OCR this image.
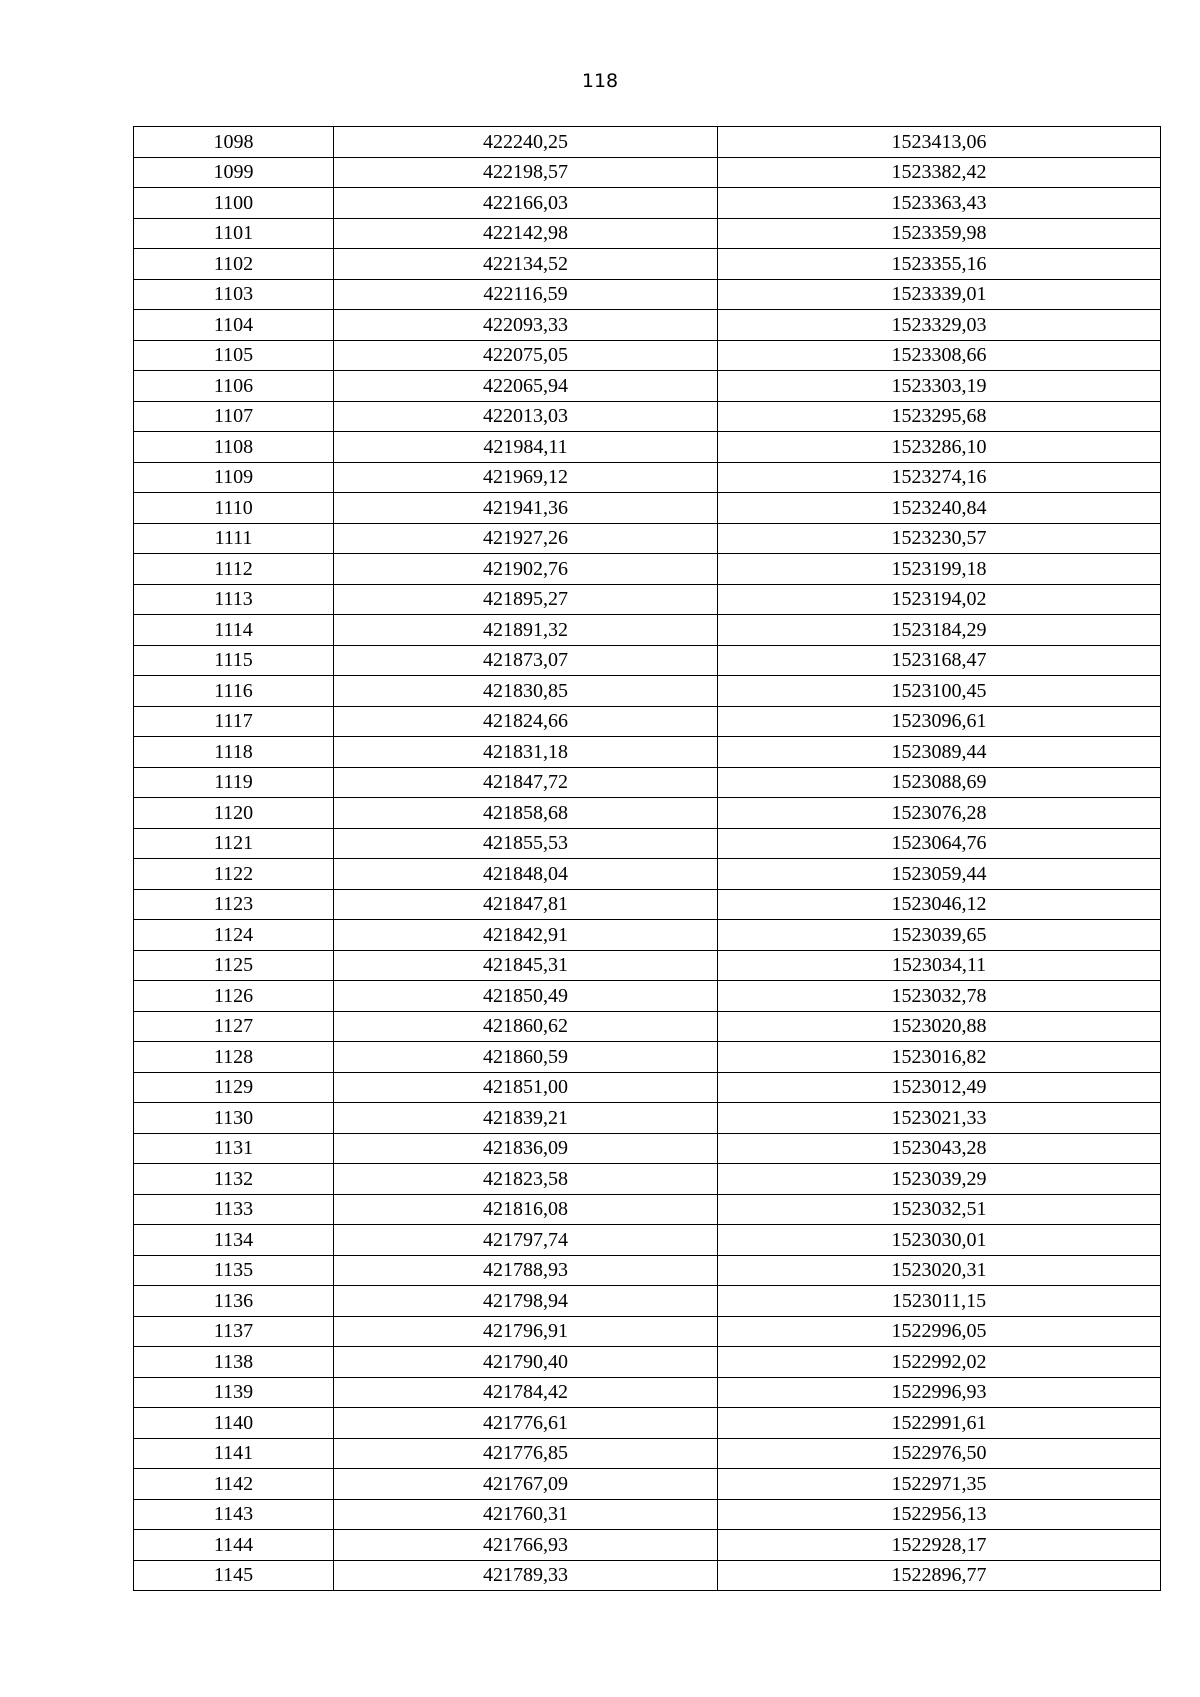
118
1098	422240,25	1523413,06
1099	422198,57	1523382,42
1100	422166,03	1523363,43
1101	422142,98	1523359,98
1102	422134,52	1523355,16
1103	422116,59	1523339,01
1104	422093,33	1523329,03
1105	422075,05	1523308,66
1106	422065,94	1523303,19
1107	422013,03	1523295,68
1108	421984,11	1523286,10
1109	421969,12	1523274,16
1110	421941,36	1523240,84
1111	421927,26	1523230,57
1112	421902,76	1523199,18
1113	421895,27	1523194,02
1114	421891,32	1523184,29
1115	421873,07	1523168,47
1116	421830,85	1523100,45
1117	421824,66	1523096,61
1118	421831,18	1523089,44
1119	421847,72	1523088,69
1120	421858,68	1523076,28
1121	421855,53	1523064,76
1122	421848,04	1523059,44
1123	421847,81	1523046,12
1124	421842,91	1523039,65
1125	421845,31	1523034,11
1126	421850,49	1523032,78
1127	421860,62	1523020,88
1128	421860,59	1523016,82
1129	421851,00	1523012,49
1130	421839,21	1523021,33
1131	421836,09	1523043,28
1132	421823,58	1523039,29
1133	421816,08	1523032,51
1134	421797,74	1523030,01
1135	421788,93	1523020,31
1136	421798,94	1523011,15
1137	421796,91	1522996,05
1138	421790,40	1522992,02
1139	421784,42	1522996,93
1140	421776,61	1522991,61
1141	421776,85	1522976,50
1142	421767,09	1522971,35
1143	421760,31	1522956,13
1144	421766,93	1522928,17
1145	421789,33	1522896,77
